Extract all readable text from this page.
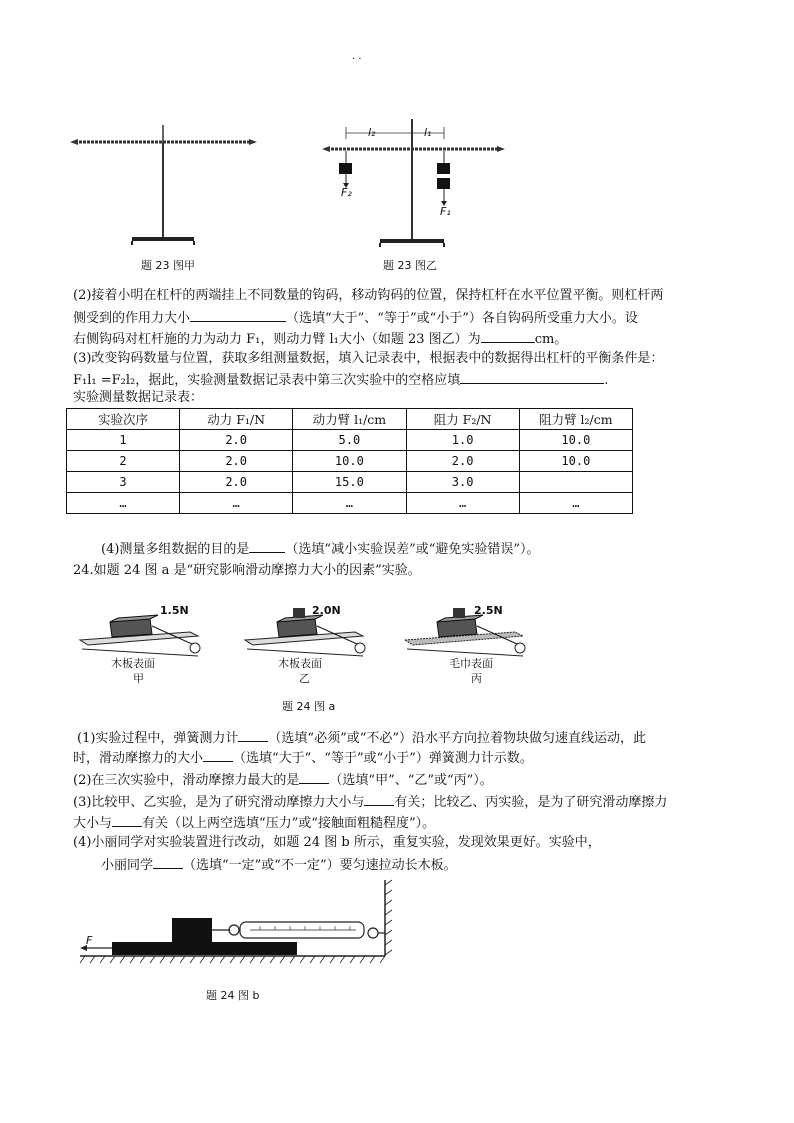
· ·
题 23 图甲
l₂	l₁
F₂
F₁
题 23 图乙
(2)接着小明在杠杆的两端挂上不同数量的钩码，移动钩码的位置，保持杠杆在水平位置平衡。则杠杆两
侧受到的作用力大小	（选填“大于”、“等于”或“小于”）各自钩码所受重力大小。设
右侧钩码对杠杆施的力为动力 F₁，则动力臂 l₁大小（如题 23 图乙）为	cm。
(3)改变钩码数量与位置，获取多组测量数据，填入记录表中，根据表中的数据得出杠杆的平衡条件是：
F₁l₁ =F₂l₂，据此，实验测量数据记录表中第三次实验中的空格应填	.
实验测量数据记录表：
实验次序	动力 F₁/N	动力臂 l₁/cm	阻力 F₂/N	阻力臂 l₂/cm
1	2.0	5.0	1.0	10.0
2	2.0	10.0	2.0	10.0
3	2.0	15.0	3.0	
…	…	…	…	…
(4)测量多组数据的目的是	（选填“减小实验误差”或“避免实验错误”）。
24.如题 24 图 a 是“研究影响滑动摩擦力大小的因素”实验。
1.5N	2.0N	2.5N
木板表面	木板表面	毛巾表面
甲	乙	丙
题 24 图 a
(1)实验过程中，弹簧测力计 （选填“必须”或“不必”）沿水平方向拉着物块做匀速直线运动，此
时，滑动摩擦力的大小 （选填“大于”、“等于”或“小于”）弹簧测力计示数。
(2)在三次实验中，滑动摩擦力最大的是 （选填“甲”、“乙”或“丙”）。
(3)比较甲、乙实验，是为了研究滑动摩擦力大小与 有关；比较乙、丙实验，是为了研究滑动摩擦力
大小与 有关（以上两空选填“压力”或“接触面粗糙程度”）。
(4)小丽同学对实验装置进行改动，如题 24 图 b 所示，重复实验，发现效果更好。实验中，
小丽同学 （选填“一定”或“不一定”）要匀速拉动长木板。
F
题 24 图 b
